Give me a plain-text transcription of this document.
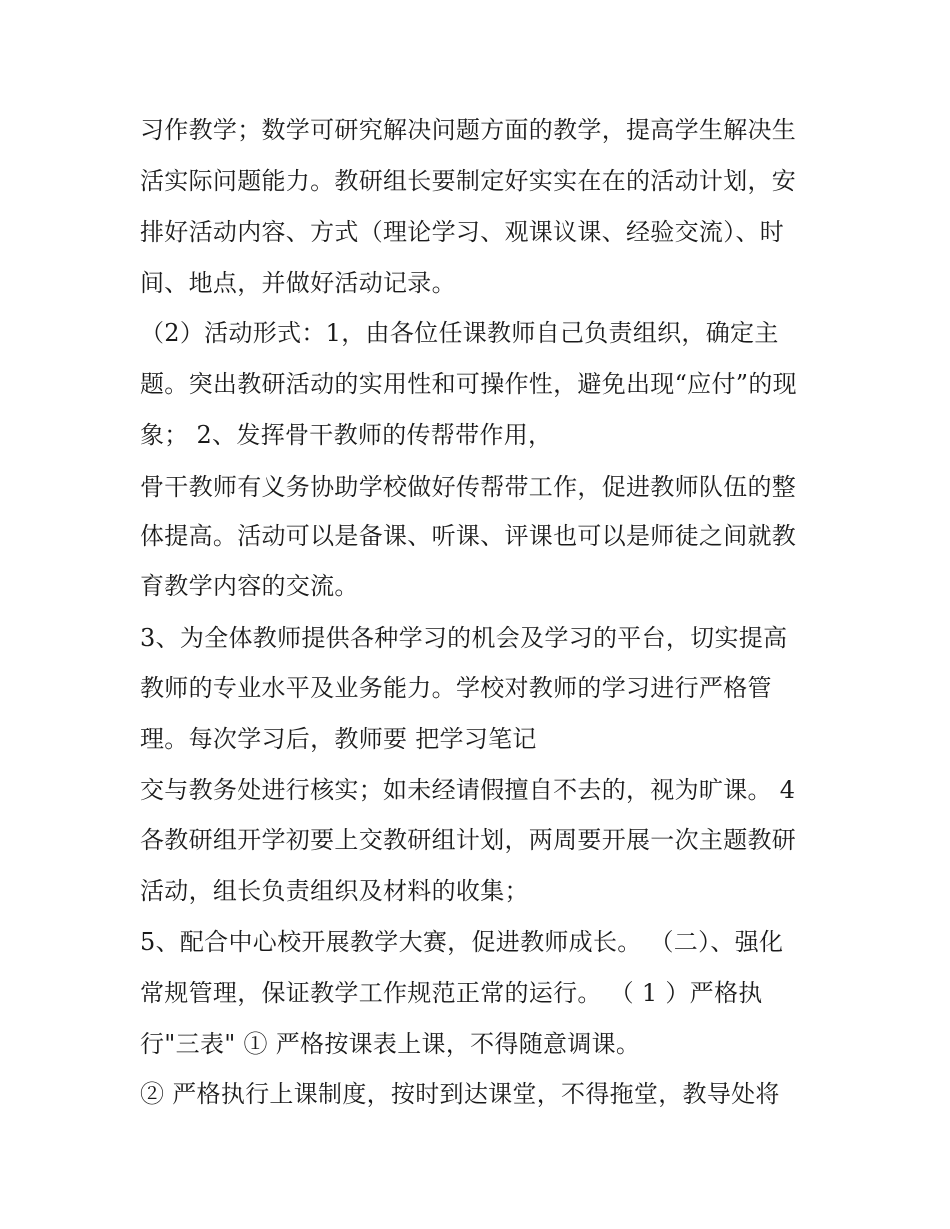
习作教学；数学可研究解决问题方面的教学，提高学生解决生
活实际问题能力。教研组长要制定好实实在在的活动计划，安
排好活动内容、方式（理论学习、观课议课、经验交流）、时
间、地点，并做好活动记录。
（2）活动形式：1，由各位任课教师自己负责组织，确定主
题。突出教研活动的实用性和可操作性，避免出现“应付”的现
象； 2、发挥骨干教师的传帮带作用，
骨干教师有义务协助学校做好传帮带工作，促进教师队伍的整
体提高。活动可以是备课、听课、评课也可以是师徒之间就教
育教学内容的交流。
3、为全体教师提供各种学习的机会及学习的平台，切实提高
教师的专业水平及业务能力。学校对教师的学习进行严格管
理。每次学习后，教师要 把学习笔记
交与教务处进行核实；如未经请假擅自不去的，视为旷课。 4
各教研组开学初要上交教研组计划，两周要开展一次主题教研
活动，组长负责组织及材料的收集；
5、配合中心校开展教学大赛，促进教师成长。 （二）、强化
常规管理，保证教学工作规范正常的运行。 （ 1 ）严格执
行"三表" ① 严格按课表上课，不得随意调课。
② 严格执行上课制度，按时到达课堂，不得拖堂，教导处将
